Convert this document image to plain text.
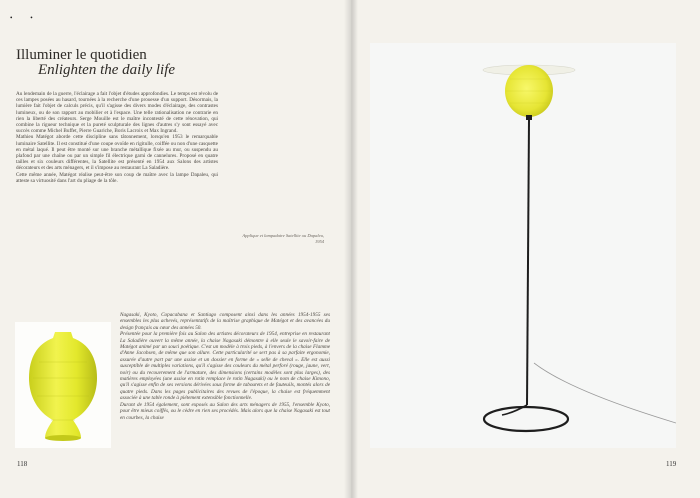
• •
Illuminer le quotidien
Enlighten the daily life

Au lendemain de la guerre, l'éclairage a fait l'objet d'études approfondies. Le temps est révolu de ces lampes posées au hasard, tournées à la recherche d'une prouesse d'un support. Désormais, la lumière fait l'objet de calculs précis, qu'il s'agisse des divers modes d'éclairage, des contrastes lumineux, ou de son rapport au mobilier et à l'espace. Une telle rationalisation ne contrarie en rien la liberté des créateurs. Serge Mouille est le maître incontesté de cette rénovation, qui combine la rigueur technique et la pureté sculpturale des lignes d'autres s'y sont essayé avec succès comme Michel Buffet, Pierre Guariche, Boris Lacroix et Max Ingrand.

Mathieu Matégot aborde cette discipline sans tâtonnement, lorsqu'en 1953 le remarquable luminaire Satellite. Il est constitué d'une coupe ovoïde en rigitulle, coiffée ou non d'une casquette en métal laqué. Il peut être monté sur une branche métallique fixée au mur, ou suspendu au plafond par une chaîne ou par un simple fil électrique garni de cannelures. Proposé en quatre tailles et six couleurs différentes, la Satellite est présenté en 1954 aux Salons des artistes décorateurs et des arts ménagers, et il s'impose au restaurant La Saladière.

Cette même année, Matégot réalise peut-être son coup de maître avec la lampe Dapaleu, qui atteste sa virtuosité dans l'art du pliage de la tôle.

Applique et lampadaire Satellite ou Dapaleu, 1954

Nagasaki, Kyoto, Copacabana et Santiago composent ainsi dans les années 1954-1955 ses ensembles les plus achevés, représentatifs de la maîtrise graphique de Matégot et des avancées du design français au cœur des années 50.

Présentée pour la première fois au Salon des artistes décorateurs de 1954, entreprise en restaurant La Saladière ouvert la même année, la chaise Nagasaki démontre à elle seule le savoir-faire de Matégot animé par un souci poétique. C'est un modèle à trois pieds, à l'envers de la chaise Flamme d'Anne Jacobsen, de même que son allure. Cette particularité se sert pas à sa parfaite ergonomie, assurée d'autre part par une assise et un dossier en forme de « selle de cheval ». Elle est aussi susceptible de multiples variations, qu'il s'agisse des couleurs du métal perforé (rouge, jaune, vert, noir) ou du recouvrement de l'armature, des dimensions (certains modèles sont plus larges), des matières employées (une assise en rotin remplace le rotin Nagasaki) ou le nom de chaise Kimono, qu'il s'agisse enfin de ses versions dérivées sous forme de tabourets et de fauteuils, montés alors de quatre pieds. Dans les pages publicitaires des revues de l'époque, la chaise est fréquemment associée à une table ronde à piétement extensible fonctionnelle.

Durant de 1954 également, sont exposés au Salon des arts ménagers de 1955, l'ensemble Kyoto, pour être mieux coiffés, ou le cèdre en rien ses procédés. Mais alors que la chaise Nagasaki est tout en courbes, la chaise

118	119
